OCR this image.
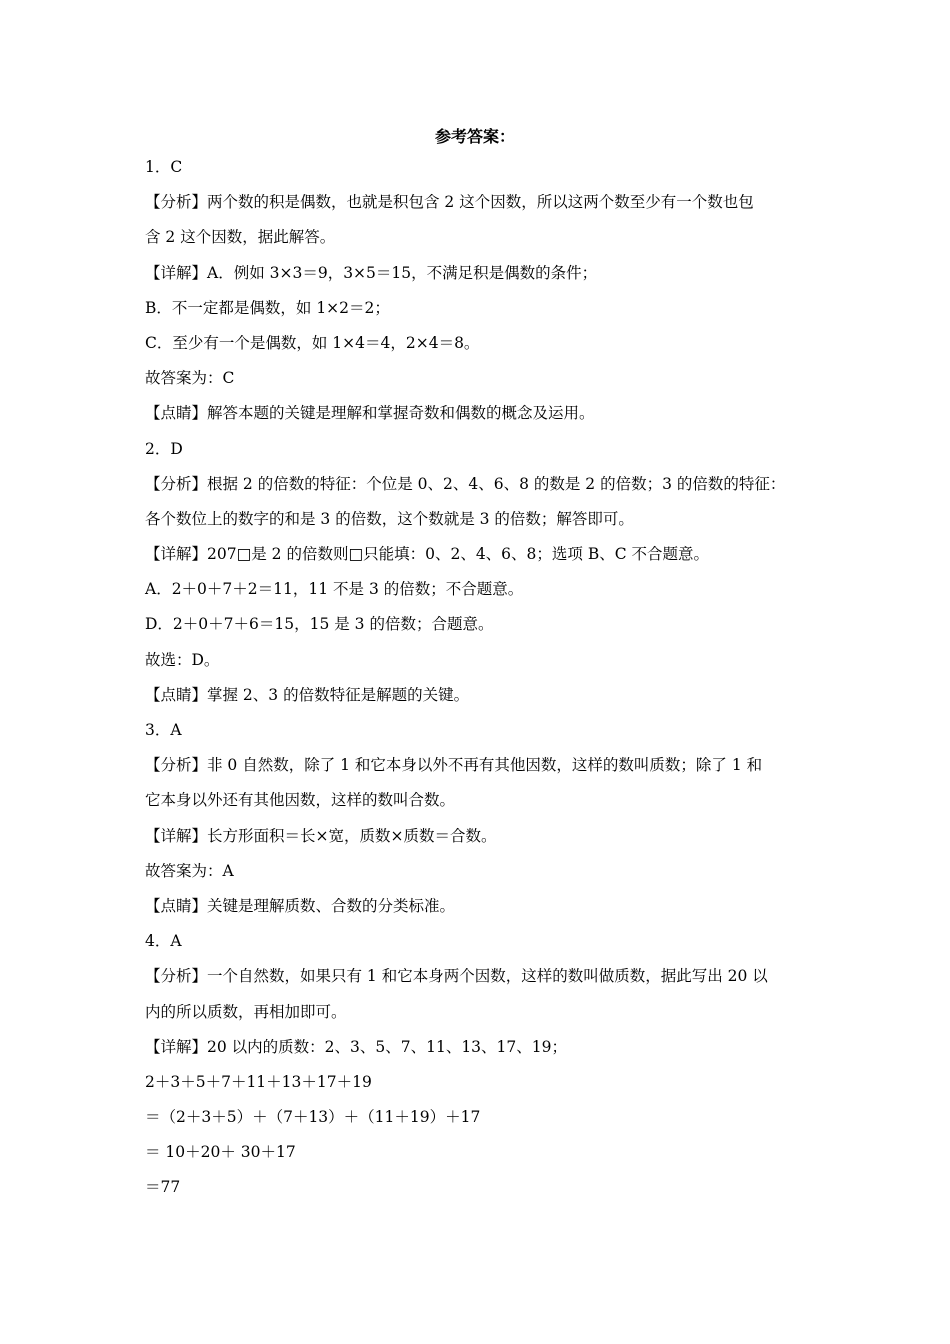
参考答案：
1．C
【分析】两个数的积是偶数，也就是积包含 2 这个因数，所以这两个数至少有一个数也包
含 2 这个因数，据此解答。
【详解】A．例如 3×3＝9，3×5＝15，不满足积是偶数的条件；
B．不一定都是偶数，如 1×2＝2；
C．至少有一个是偶数，如 1×4＝4，2×4＝8。
故答案为：C
【点睛】解答本题的关键是理解和掌握奇数和偶数的概念及运用。
2．D
【分析】根据 2 的倍数的特征：个位是 0、2、4、6、8 的数是 2 的倍数；3 的倍数的特征：
各个数位上的数字的和是 3 的倍数，这个数就是 3 的倍数；解答即可。
【详解】207□是 2 的倍数则□只能填：0、2、4、6、8；选项 B、C 不合题意。
A．2＋0＋7＋2＝11，11 不是 3 的倍数；不合题意。
D．2＋0＋7＋6＝15，15 是 3 的倍数；合题意。
故选：D。
【点睛】掌握 2、3 的倍数特征是解题的关键。
3．A
【分析】非 0 自然数，除了 1 和它本身以外不再有其他因数，这样的数叫质数；除了 1 和
它本身以外还有其他因数，这样的数叫合数。
【详解】长方形面积＝长×宽，质数×质数＝合数。
故答案为：A
【点睛】关键是理解质数、合数的分类标准。
4．A
【分析】一个自然数，如果只有 1 和它本身两个因数，这样的数叫做质数，据此写出 20 以
内的所以质数，再相加即可。
【详解】20 以内的质数：2、3、5、7、11、13、17、19；
2＋3＋5＋7＋11＋13＋17＋19
＝（2＋3＋5）＋（7＋13）＋（11＋19）＋17
＝ 10＋20＋ 30＋17
＝77
